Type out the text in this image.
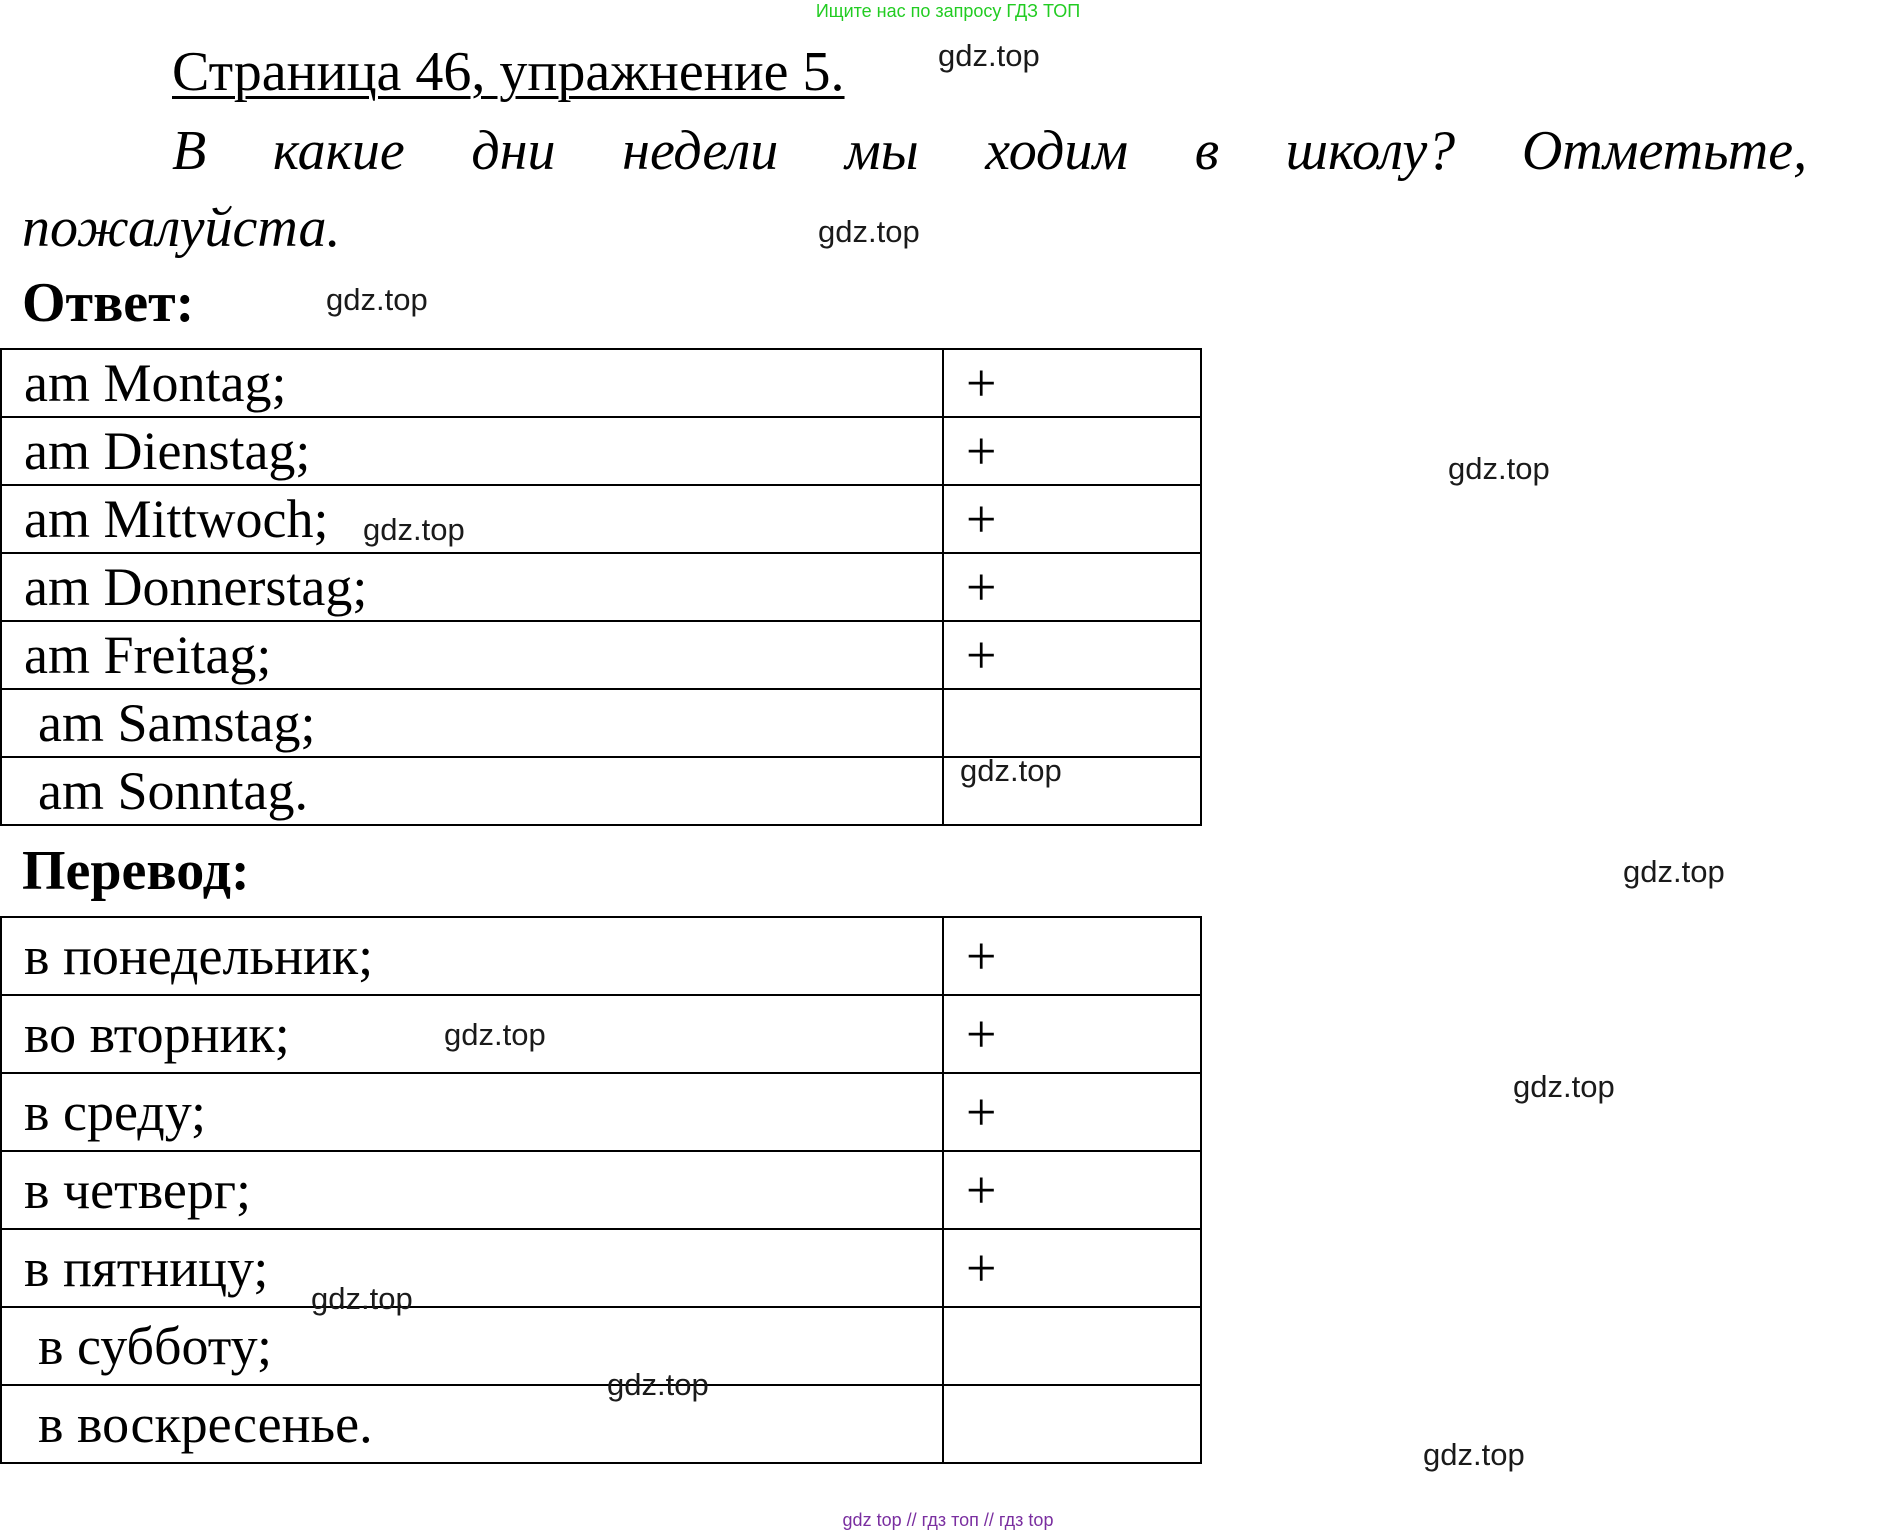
Ищите нас по запросу ГДЗ ТОП
Страница 46, упражнение 5.
В какие дни недели мы ходим в школу? Отметьте,
пожалуйста.
Ответ:
am Montag;	+
am Dienstag;	+
am Mittwoch;	+
am Donnerstag;	+
am Freitag;	+
am Samstag;	
am Sonntag.	
Перевод:
в понедельник;	+
во вторник;	+
в среду;	+
в четверг;	+
в пятницу;	+
в субботу;	
в воскресенье.	
gdz.top
gdz.top
gdz.top
gdz.top
gdz.top
gdz.top
gdz.top
gdz.top
gdz.top
gdz.top
gdz.top
gdz.top
gdz top // гдз топ // гдз top
